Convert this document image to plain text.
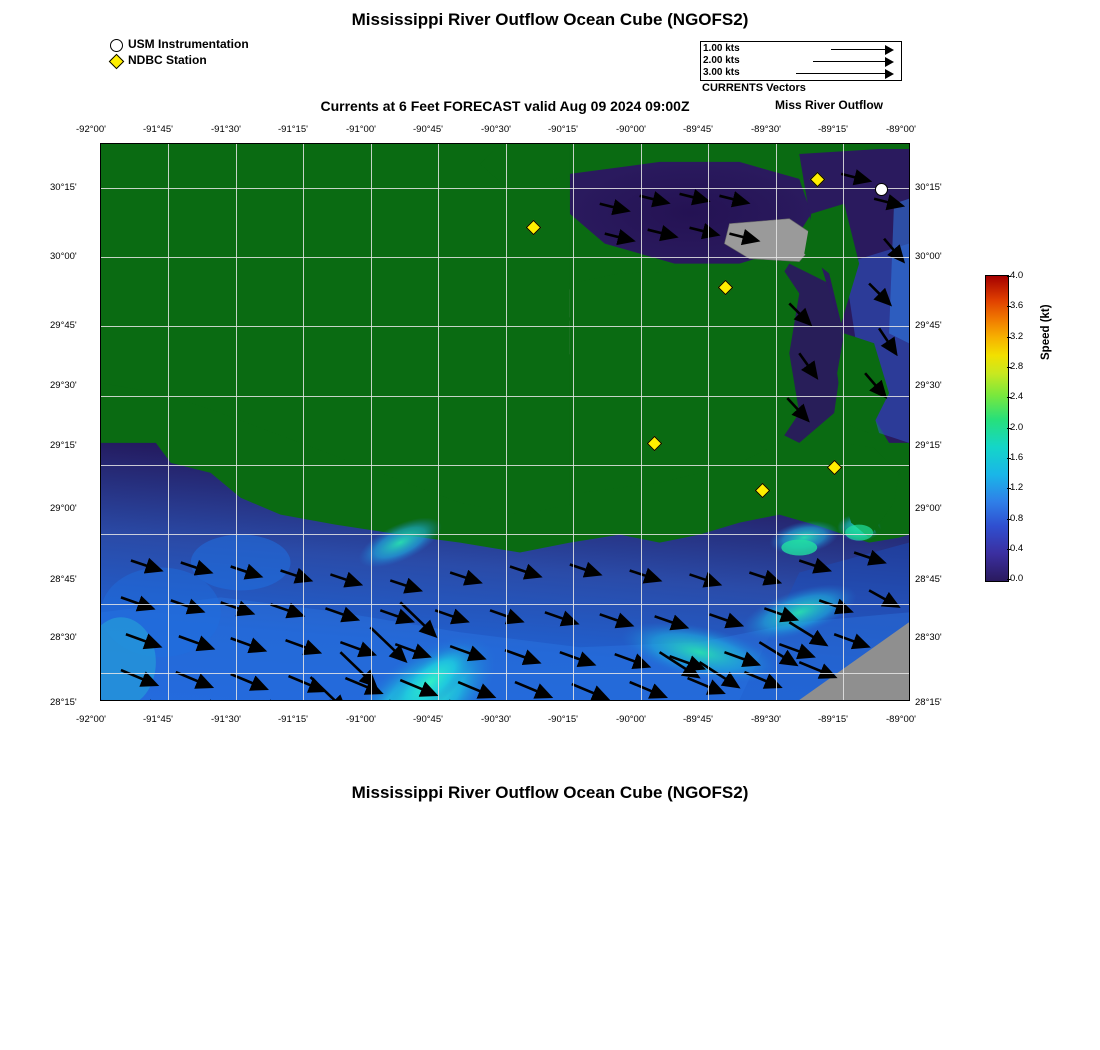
Mississippi River Outflow Ocean Cube (NGOFS2)
USM Instrumentation
NDBC Station
1.00 kts
2.00 kts
3.00 kts
CURRENTS Vectors
Currents at 6 Feet FORECAST valid Aug 09 2024 09:00Z	Miss River Outflow
-92°00'	-91°45'	-91°30'	-91°15'	-91°00'	-90°45'	-90°30'	-90°15'	-90°00'	-89°45'	-89°30'	-89°15'	-89°00'
-92°00'	-91°45'	-91°30'	-91°15'	-91°00'	-90°45'	-90°30'	-90°15'	-90°00'	-89°45'	-89°30'	-89°15'	-89°00'
30°15'
30°00'
29°45'
29°30'
29°15'
29°00'
28°45'
28°30'
28°15'
30°15'
30°00'
29°45'
29°30'
29°15'
29°00'
28°45'
28°30'
28°15'
4.0
3.6
3.2
2.8
2.4
2.0
1.6
1.2
0.8
0.4
0.0
Speed (kt)
Mississippi River Outflow Ocean Cube (NGOFS2)
